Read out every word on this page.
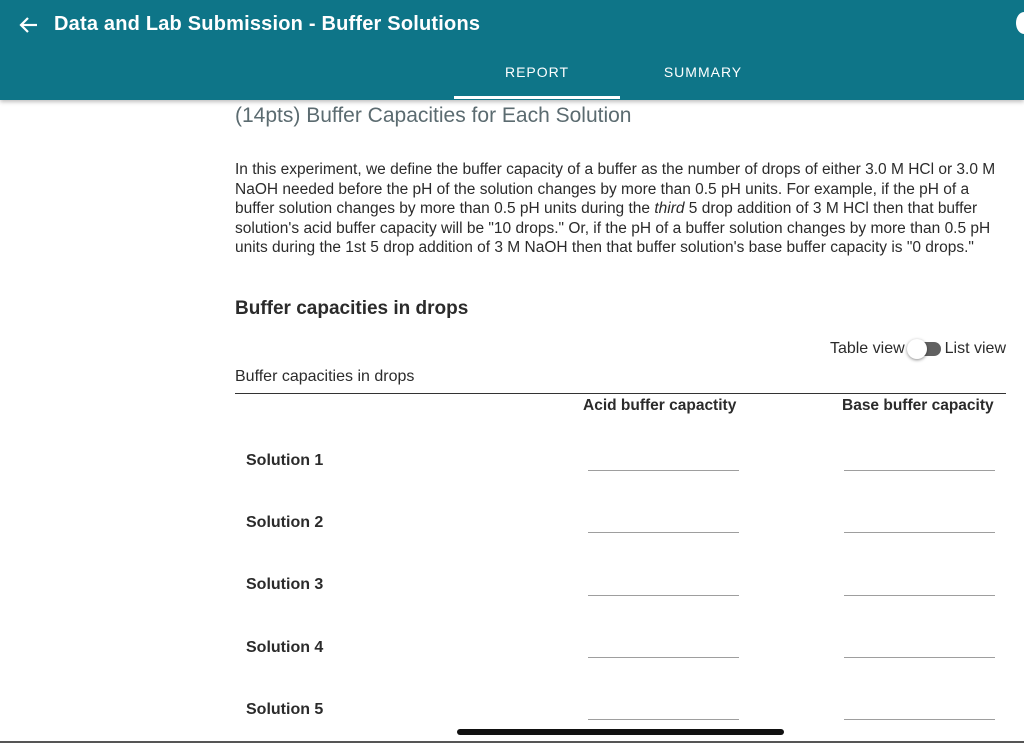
(14pts) Buffer Capacities for Each Solution
In this experiment, we define the buffer capacity of a buffer as the number of drops of either 3.0 M HCl or 3.0 M NaOH needed before the pH of the solution changes by more than 0.5 pH units. For example, if the pH of a buffer solution changes by more than 0.5 pH units during the third 5 drop addition of 3 M HCl then that buffer solution's acid buffer capacity will be "10 drops." Or, if the pH of a buffer solution changes by more than 0.5 pH units during the 1st 5 drop addition of 3 M NaOH then that buffer solution's base buffer capacity is "0 drops."
Buffer capacities in drops
Table view	List view
Buffer capacities in drops
Acid buffer capactity	Base buffer capacity
Solution 1
Solution 2
Solution 3
Solution 4
Solution 5
Data and Lab Submission - Buffer Solutions
REPORT	SUMMARY
